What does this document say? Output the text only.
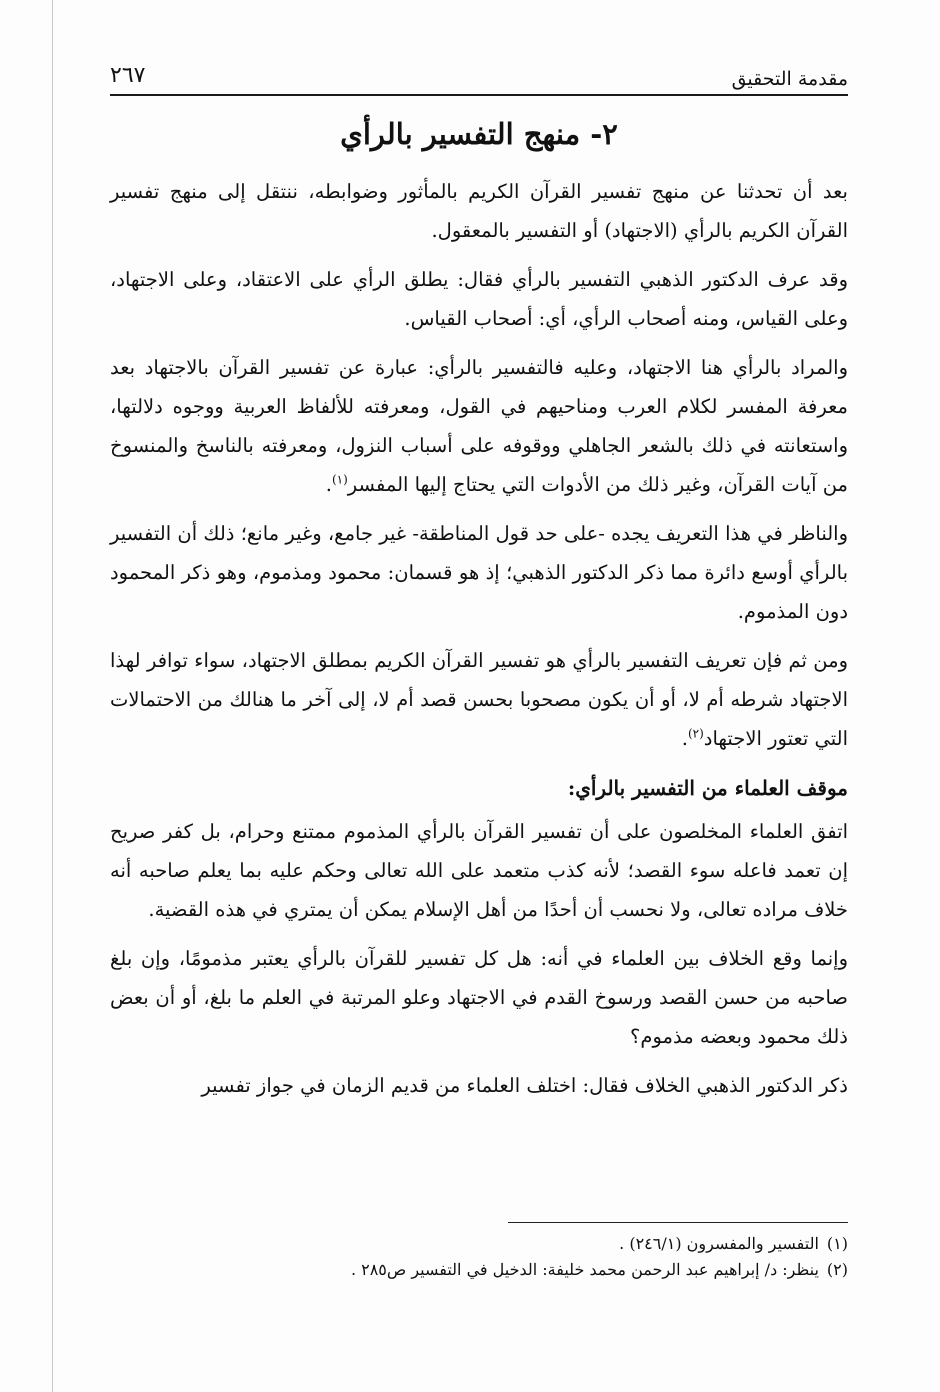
مقدمة التحقيق
٢٦٧
٢- منهج التفسير بالرأي

بعد أن تحدثنا عن منهج تفسير القرآن الكريم بالمأثور وضوابطه، ننتقل إلى منهج تفسير القرآن الكريم بالرأي (الاجتهاد) أو التفسير بالمعقول.

وقد عرف الدكتور الذهبي التفسير بالرأي فقال: يطلق الرأي على الاعتقاد، وعلى الاجتهاد، وعلى القياس، ومنه أصحاب الرأي، أي: أصحاب القياس.

والمراد بالرأي هنا الاجتهاد، وعليه فالتفسير بالرأي: عبارة عن تفسير القرآن بالاجتهاد بعد معرفة المفسر لكلام العرب ومناحيهم في القول، ومعرفته للألفاظ العربية ووجوه دلالتها، واستعانته في ذلك بالشعر الجاهلي ووقوفه على أسباب النزول، ومعرفته بالناسخ والمنسوخ من آيات القرآن، وغير ذلك من الأدوات التي يحتاج إليها المفسر$^{(١)}$.

والناظر في هذا التعريف يجده -على حد قول المناطقة- غير جامع، وغير مانع؛ ذلك أن التفسير بالرأي أوسع دائرة مما ذكر الدكتور الذهبي؛ إذ هو قسمان: محمود ومذموم، وهو ذكر المحمود دون المذموم.

ومن ثم فإن تعريف التفسير بالرأي هو تفسير القرآن الكريم بمطلق الاجتهاد، سواء توافر لهذا الاجتهاد شرطه أم لا، أو أن يكون مصحوبا بحسن قصد أم لا، إلى آخر ما هنالك من الاحتمالات التي تعتور الاجتهاد$^{(٢)}$.

موقف العلماء من التفسير بالرأي:

اتفق العلماء المخلصون على أن تفسير القرآن بالرأي المذموم ممتنع وحرام، بل كفر صريح إن تعمد فاعله سوء القصد؛ لأنه كذب متعمد على الله تعالى وحكم عليه بما يعلم صاحبه أنه خلاف مراده تعالى، ولا نحسب أن أحدًا من أهل الإسلام يمكن أن يمتري في هذه القضية.

وإنما وقع الخلاف بين العلماء في أنه: هل كل تفسير للقرآن بالرأي يعتبر مذمومًا، وإن بلغ صاحبه من حسن القصد ورسوخ القدم في الاجتهاد وعلو المرتبة في العلم ما بلغ، أو أن بعض ذلك محمود وبعضه مذموم؟

ذكر الدكتور الذهبي الخلاف فقال: اختلف العلماء من قديم الزمان في جواز تفسير

(١)التفسير والمفسرون (٢٤٦/١) .
(٢)ينظر: د/ إبراهيم عبد الرحمن محمد خليفة: الدخيل في التفسير ص٢٨٥ .
